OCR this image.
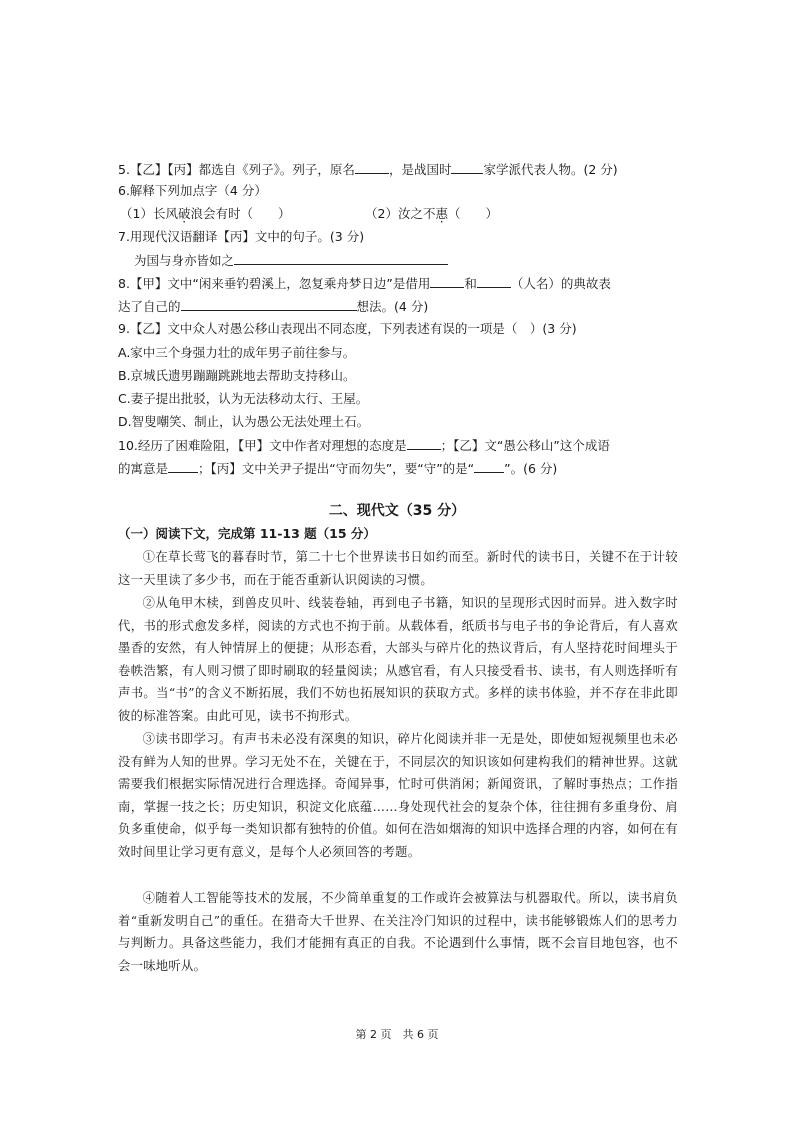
5.【乙】【丙】都选自《列子》。列子，原名	，是战国时	家学派代表人物。(2 分)
6.解释下列加点字（4 分）
（1）长风破浪会有时（　　）	（2）汝之不惠（　　）
7.用现代汉语翻译【丙】文中的句子。(3 分)
为国与身亦皆如之
8.【甲】文中“闲来垂钓碧溪上，忽复乘舟梦日边”是借用	和	（人名）的典故表
达了自己的	想法。(4 分)
9.【乙】文中众人对愚公移山表现出不同态度，下列表述有误的一项是（　）(3 分)
A.家中三个身强力壮的成年男子前往参与。
B.京城氏遗男蹦蹦跳跳地去帮助支持移山。
C.妻子提出批驳，认为无法移动太行、王屋。
D.智叟嘲笑、制止，认为愚公无法处理土石。
10.经历了困难险阻，【甲】文中作者对理想的态度是	；【乙】文“愚公移山”这个成语
的寓意是 ；【丙】文中关尹子提出“守而勿失”，要“守”的是“ ”。(6 分)
二、现代文（35 分）
（一）阅读下文，完成第 11-13 题（15 分）
①在草长莺飞的暮春时节，第二十七个世界读书日如约而至。新时代的读书日，关键不在于计较这一天里读了多少书，而在于能否重新认识阅读的习惯。
②从龟甲木椟，到兽皮贝叶、线装卷轴，再到电子书籍，知识的呈现形式因时而异。进入数字时代，书的形式愈发多样，阅读的方式也不拘于前。从载体看，纸质书与电子书的争论背后，有人喜欢墨香的安然，有人钟情屏上的便捷；从形态看，大部头与碎片化的热议背后，有人坚持花时间埋头于卷帙浩繁，有人则习惯了即时刷取的轻量阅读；从感官看，有人只接受看书、读书，有人则选择听有声书。当“书”的含义不断拓展，我们不妨也拓展知识的获取方式。多样的读书体验，并不存在非此即彼的标准答案。由此可见，读书不拘形式。
③读书即学习。有声书未必没有深奥的知识，碎片化阅读并非一无是处，即使如短视频里也未必没有鲜为人知的世界。学习无处不在，关键在于，不同层次的知识该如何建构我们的精神世界。这就需要我们根据实际情况进行合理选择。奇闻异事，忙时可供消闲；新闻资讯，了解时事热点；工作指南，掌握一技之长；历史知识，积淀文化底蕴……身处现代社会的复杂个体，往往拥有多重身份、肩负多重使命，似乎每一类知识都有独特的价值。如何在浩如烟海的知识中选择合理的内容，如何在有效时间里让学习更有意义，是每个人必须回答的考题。
④随着人工智能等技术的发展，不少简单重复的工作或许会被算法与机器取代。所以，读书肩负着“重新发明自己”的重任。在猎奇大千世界、在关注冷门知识的过程中，读书能够锻炼人们的思考力与判断力。具备这些能力，我们才能拥有真正的自我。不论遇到什么事情，既不会盲目地包容，也不会一味地听从。
第 2 页　共 6 页
